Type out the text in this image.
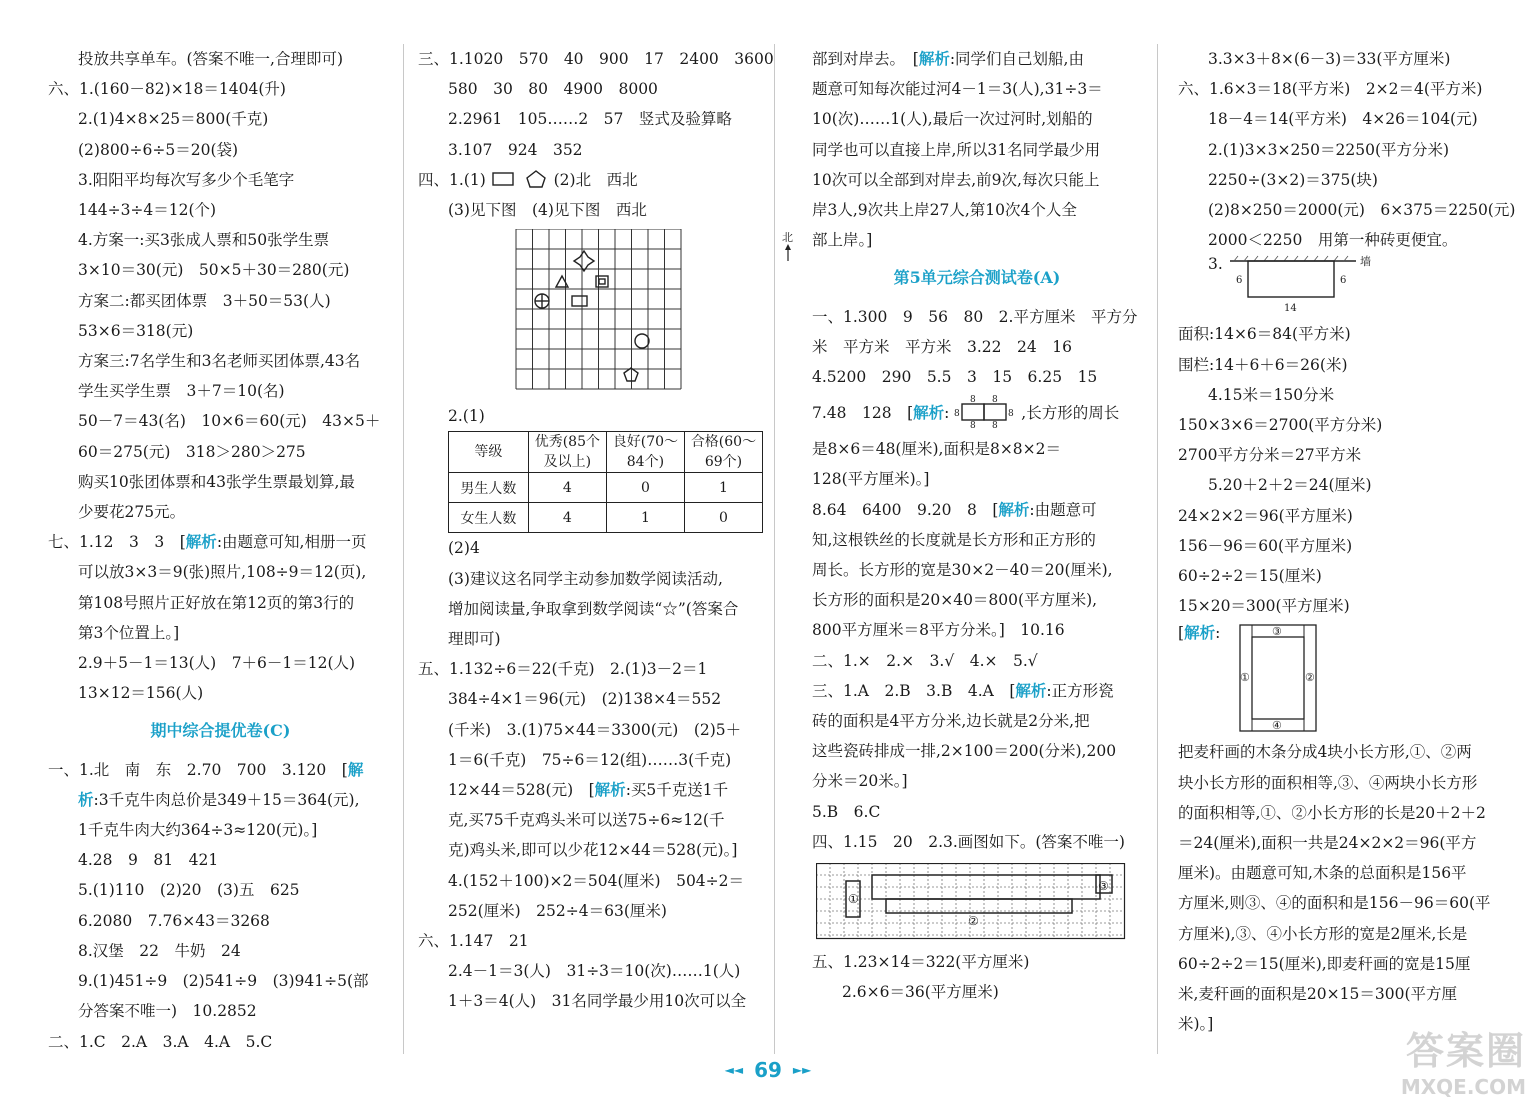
投放共享单车。(答案不唯一,合理即可)
六、1.(160－82)×18＝1404(升)
2.(1)4×8×25＝800(千克)
(2)800÷6÷5＝20(袋)
3.阳阳平均每次写多少个毛笔字
144÷3÷4＝12(个)
4.方案一:买3张成人票和50张学生票
3×10＝30(元)　50×5＋30＝280(元)
方案二:都买团体票　3＋50＝53(人)
53×6＝318(元)
方案三:7名学生和3名老师买团体票,43名
学生买学生票　3＋7＝10(名)
50－7＝43(名)　10×6＝60(元)　43×5＋
60＝275(元)　318＞280＞275
购买10张团体票和43张学生票最划算,最
少要花275元。
七、1.12　3　3　[解析:由题意可知,相册一页
可以放3×3＝9(张)照片,108÷9＝12(页),
第108号照片正好放在第12页的第3行的
第3个位置上。]
2.9＋5－1＝13(人)　7＋6－1＝12(人)
13×12＝156(人)
期中综合提优卷(C)
一、1.北　南　东　2.70　700　3.120　[解
析:3千克牛肉总价是349＋15＝364(元),
1千克牛肉大约364÷3≈120(元)。]
4.28　9　81　421
5.(1)110　(2)20　(3)五　625
6.2080　7.76×43＝3268
8.汉堡　22　牛奶　24
9.(1)451÷9　(2)541÷9　(3)941÷5(部
分答案不唯一)　10.2852
二、1.C　2.A　3.A　4.A　5.C
三、1.1020　570　40　900　17　2400　3600
580　30　80　4900　8000
2.2961　105……2　57　竖式及验算略
3.107　924　352
四、1.(1)	(2)北　西北
(3)见下图　(4)见下图　西北
北
2.(1)
等级	优秀(85个及以上)	良好(70～84个)	合格(60～69个)
男生人数	4	0	1
女生人数	4	1	0
(2)4
(3)建议这名同学主动参加数学阅读活动,
增加阅读量,争取拿到数学阅读“☆”(答案合
理即可)
五、1.132÷6＝22(千克)　2.(1)3－2＝1
384÷4×1＝96(元)　(2)138×4＝552
(千米)　3.(1)75×44＝3300(元)　(2)5＋
1＝6(千克)　75÷6＝12(组)……3(千克)
12×44＝528(元)　[解析:买5千克送1千
克,买75千克鸡头米可以送75÷6≈12(千
克)鸡头米,即可以少花12×44＝528(元)。]
4.(152＋100)×2＝504(厘米)　504÷2＝
252(厘米)　252÷4＝63(厘米)
六、1.147　21
2.4－1＝3(人)　31÷3＝10(次)……1(人)
1＋3＝4(人)　31名同学最少用10次可以全
部到对岸去。　[解析:同学们自己划船,由
题意可知每次能过河4－1＝3(人),31÷3＝
10(次)……1(人),最后一次过河时,划船的
同学也可以直接上岸,所以31名同学最少用
10次可以全部到对岸去,前9次,每次只能上
岸3人,9次共上岸27人,第10次4个人全
部上岸。]
第5单元综合测试卷(A)
一、1.300　9　56　80　2.平方厘米　平方分
米　平方米　平方米　3.22　24　16
4.5200　290　5.5　3　15　6.25　15
7.48　128　[解析:
8 8
8 8
8	8 ,长方形的周长
是8×6＝48(厘米),面积是8×8×2＝
128(平方厘米)。]
8.64　6400　9.20　8　[解析:由题意可
知,这根铁丝的长度就是长方形和正方形的
周长。长方形的宽是30×2－40＝20(厘米),
长方形的面积是20×40＝800(平方厘米),
800平方厘米＝8平方分米。]　10.16
二、1.×　2.×　3.√　4.×　5.√
三、1.A　2.B　3.B　4.A　[解析:正方形瓷
砖的面积是4平方分米,边长就是2分米,把
这些瓷砖排成一排,2×100＝200(分米),200
分米＝20米。]
5.B　6.C
四、1.15　20　2.3.画图如下。(答案不唯一)
①
②
③
五、1.23×14＝322(平方厘米)
2.6×6＝36(平方厘米)
3.3×3＋8×(6－3)＝33(平方厘米)
六、1.6×3＝18(平方米)　2×2＝4(平方米)
18－4＝14(平方米)　4×26＝104(元)
2.(1)3×3×250＝2250(平方分米)
2250÷(3×2)＝375(块)
(2)8×250＝2000(元)　6×375＝2250(元)
2000＜2250　用第一种砖更便宜。
3.	墙
6	6
14
面积:14×6＝84(平方米)
围栏:14＋6＋6＝26(米)
4.15米＝150分米
150×3×6＝2700(平方分米)
2700平方分米＝27平方米
5.20＋2＋2＝24(厘米)
24×2×2＝96(平方厘米)
156－96＝60(平方厘米)
60÷2÷2＝15(厘米)
15×20＝300(平方厘米)
[解析:
①	②
③
④
把麦秆画的木条分成4块小长方形,①、②两
块小长方形的面积相等,③、④两块小长方形
的面积相等,①、②小长方形的长是20＋2＋2
＝24(厘米),面积一共是24×2×2＝96(平方
厘米)。由题意可知,木条的总面积是156平
方厘米,则③、④的面积和是156－96＝60(平
方厘米),③、④小长方形的宽是2厘米,长是
60÷2÷2＝15(厘米),即麦秆画的宽是15厘
米,麦秆画的面积是20×15＝300(平方厘
米)。]
◄◄ 69 ►►	答案圈
MXQE.COM
